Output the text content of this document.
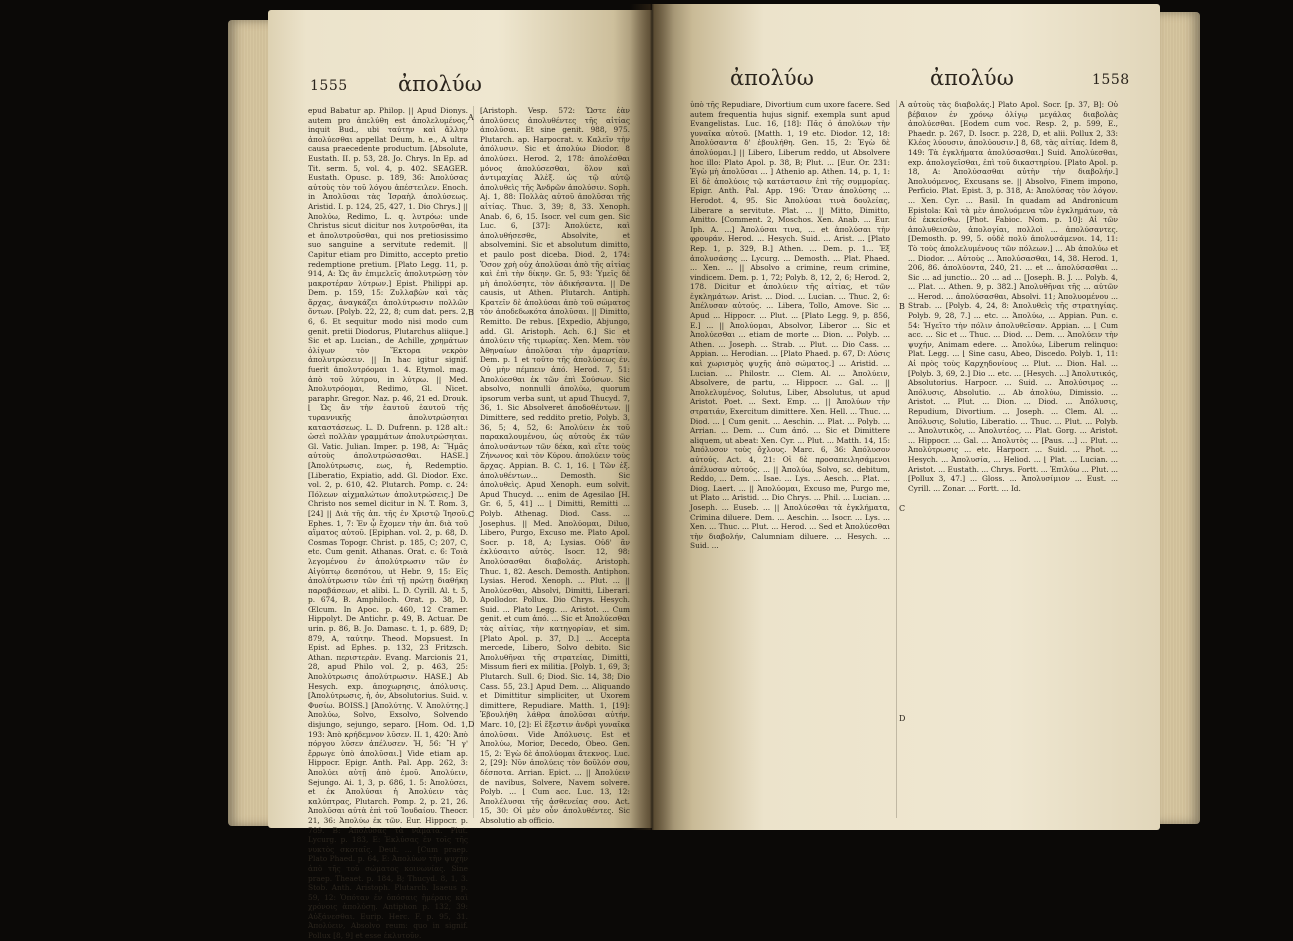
1555 ἀπολύω

epud Babatur ap. Philop. || Apud Dionys. autem pro ἀπελύθη est ἀπολελυμένος, inquit Bud., ubi ταύτην καὶ ἄλλην ἀπολύεσθαι appellat Deum, h. e., A ultra causa praecedente productum. [Absolute, Eustath. II. p. 53, 28. Jo. Chrys. In Ep. ad Tit. serm. 5, vol. 4, p. 402. SEAGER. Eustath. Opusc. p. 189, 36: Ἀπολύσας αὐτοὺς τὸν τοῦ λόγου ἀπέστειλεν. Enoch. in Ἀπολῦσαι τὰς Ἰσραὴλ ἀπολύσεως. Aristid. I. p. 124, 25, 427, 1. Dio Chrys.] || Ἀπολύω, Redimo, L. q. λυτρόω: unde Christus sicut dicitur nos λυτροῦσθαι, ita et ἀπολυτροῦσθαι, qui nos pretiosissimo suo sanguine a servitute redemit. || Capitur etiam pro Dimitto, accepto pretio redemptione pretium. [Plato Legg. 11, p. 914, A: Ὡς ἂν ἐπιμελεῖς ἀπολυτρώσῃ τὸν μακροτέραν λύτρων.] Epist. Philippi ap. Dem. p. 159, 15: Ζυλλαβὼν καὶ τὰς ἄρχας, ἀναγκάζει ἀπολύτρωσιν πολλῶν ὄντων. [Polyb. 22, 22, 8; cum dat. pers. 2, 6, 6. Et sequitur modo nisi modo cum genit. pretii Diodorus, Plutarchus aliique.] Sic et ap. Lucian., de Achille, χρημάτων ὀλίγων τὸν Ἕκτορα νεκρὸν ἀπολυτρώσειν. || In hac igitur signif. fuerit ἀπολυτρόομαι 1. 4. Etymol. mag. ἀπὸ τοῦ λύτρου, in λύτρω. || Med. Ἀπολυτρόομαι, Redimo, Gl. Nicet. paraphr. Gregor. Naz. p. 46, 21 ed. Drouk. ⌊ Ὡς ἂν τὴν ἑαυτοῦ ἑαυτοῦ τῆς τυραννικῆς ἀπολυτρώσηται καταστάσεως. L. D. Dufrenn. p. 128 alt.: ὡσεὶ πολλὰν γραμμάτων ἀπολυτρώσηται. Gl. Vatic. Julian. Imper. p. 198, A: ¨Ἠμᾶς αὐτοὺς ἀπολυτρώσασθαι. HASE.] [Ἀπολύτρωσις, εως, ἡ, Redemptio. [Liberatio, Expiatio, add. Gl. Diodor. Exc. vol. 2, p. 610, 42. Plutarch. Pomp. c. 24: Πόλεων αἰχμαλώτων ἀπολυτρώσεις.] De Christo nos semel dicitur in N. T. Rom. 3, [24] || Διὰ τῆς ἀπ. τῆς ἐν Χριστῷ Ἰησοῦ. Ephes. 1, 7: Ἐν ᾧ ἔχομεν τὴν ἀπ. διὰ τοῦ αἵματος αὐτοῦ. [Epiphan. vol. 2, p. 68, D. Cosmas Topogr. Christ. p. 185, C; 207, C, etc. Cum genit. Athanas. Orat. c. 6: Τοιὰ λεγομένου ἐν ἀπολύτρωσιν τῶν ἐν Αἰγύπτῳ δεσπότου, ut Hebr. 9, 15: Εἰς ἀπολύτρωσιν τῶν ἐπὶ τῇ πρώτῃ διαθήκῃ παραβάσεων, et alibi. L. D. Cyrill. Al. t. 5, p. 674, B. Amphiloch. Orat. p. 38, D. Œlcum. In Apoc. p. 460, 12 Cramer. Hippolyt. De Antichr. p. 49, B. Actuar. De urin. p. 86, B. Jo. Damasc. t. 1, p. 689, D; 879, A, ταύτην. Theod. Mopsuest. In Epist. ad Ephes. p. 132, 23 Fritzsch. Athan. περιστερὰν. Evang. Marcionis 21, 28, apud Philo vol. 2, p. 463, 25: Ἀπολύτρωσις ἀπολύτρωσιν. HASE.] Ab Hesych. exp. ἀποχωρησις, ἀπόλυσις. [Ἀπολύτρωσις, ἡ, ὁν, Absolutorius. Suid. v. Φυσίω. BOISS.] [Ἀπολύτης. V. Ἀπολύτης.] Ἀπολύω, Solvo, Exsolvo, Solvendo disjungo, sejungo, separo. [Hom. Od. 1, 193: Ἀπὸ κρήδεμνον λῦσεν. II. 1, 420: Ἀπὸ πόργου λῦσεν ἀπέλυσεν. Ἡ, 56: Ἢ γ' ἔρρωγε ὑπὸ ἀπολῦσαι.] Vide etiam ap. Hippocr. Epigr. Anth. Pal. App. 262, 3: Ἀπολύει αὐτῇ ἀπὸ ἐμοῦ. Ἀπολύειν, Sejungo. Ai. 1, 3, p. 686, 1. 5: Ἀπολύσει, et ἐκ Ἀπολύσαι ἡ Ἀπολύειν τὰς καλύπτρας, Plutarch. Pomp. 2, p. 21, 26. Ἀπολῦσαι αὐτὰ ἐπὶ τοῦ Ἰουδαίου. Theocr. 21, 36: Ἀπολύω ἐκ τῶν. Eur. Hippocr. p. 789. B: Ἀπολύσας τὰ νάματα. Plut. Lycurg. p. 183, E: Ἐκλύσας ἐν τοῖς τῆς νυκτὸς σκοταῖς. Deut. ... [Cum praep. Plato Phaed. p. 64, E: Ἀπολύων τὴν ψυχὴν ἀπὸ τῆς τοῦ σώματος κοινωνίας. Sine praep. Theaet. p. 184, B; Thucyd. 8, 1, 3. Stob. Anth. Aristoph. Plutarch. Isaeus p. 59, 12: Ὁπόταν ἐν ὁπόσαις ἡμέραις καὶ χρόνοις ἀπολύσῃ. Antiphon p. 132, 39: Αὐξάνεσθαι. Eurip. Herc. F. p. 95, 31. Ἀπολύειν, Absolvo reum: quo in signif. Pollux [8, 9] et esse ἐκλυτοῦν.

A
B
C
D

[Aristoph. Vesp. 572: Ὥστε ἐὰν ἀπολύσεις ἀπολυθέντες τῆς αἰτίας ἀπολῦσαι. Et sine genit. 988, 975. Plutarch. ap. Harpocrat. v. Καλεῖν τὴν ἀπόλυσιν. Sic et ἀπολύω Diodor. 8 ἀπολύσει. Herod. 2, 178: ἀπολέσθαι μόνος ἀπολύσεσθαι, ὅλον καὶ ἀντιμαχίας Ἀλὲξ. ὡς τῷ αὐτῷ ἀπολυθεὶς τῆς Ἀνδρῶν ἀπολύσιν. Soph. Aj. 1, 88: Πολλὰς αὐτοῦ ἀπολῦσαι τῆς αἰτίας. Thuc. 3, 39; 8, 33. Xenoph. Anab. 6, 6, 15. Isocr. vel cum gen. Sic Luc. 6, [37]: Ἀπολύετε, καὶ ἀπολυθήσεσθε, Absolvite, et absolvemini. Sic et absolutum dimitto, et paulo post diceba. Diod. 2, 174: Ὅσον χρὴ οὐχ ἀπολῦσαι ἀπὸ τῆς αἰτίας καὶ ἐπὶ τὴν δίκην. Gr. 5, 93: Ὑμεῖς δὲ μὴ ἀπολύσητε, τὸν ἀδικήσαντα. || De causis, ut Athen. Plutarch. Antiph. Κρατεῖν δὲ ἀπολύσαι ἀπὸ τοῦ σώματος τὸν ἀποδεδωκότα ἀπολῦσαι. || Dimitto, Remitto. De rebus. [Expedio, Abjungo, add. Gl. Aristoph. Ach. 6.] Sic et ἀπολύειν τῆς τιμωρίας. Xen. Mem. τὸν Ἀθηναίων ἀπολῦσαι τὴν ἁμαρτίαν. Dem. p. 1 et τοῦτο τῆς ἀπολύσεως ἐν. Οὐ μὴν πέμπειν ἀπό. Herod. 7, 51: Ἀπολύεσθαι ἐκ τῶν ἐπὶ Σούσων. Sic absolvo, nonnulli ἀπολύω, quorum ipsorum verba sunt, ut apud Thucyd. 7, 36, 1. Sic Absolveret ἀποδοθέντων. || Dimittere, sed reddito pretio, Polyb. 3, 36, 5; 4, 52, 6: Ἀπολύειν ἐκ τοῦ παρακαλουμένου, ὡς αὐτοὺς ἐκ τῶν ἀπολυσάντων τῶν δέκα, καὶ εἴτε τοὺς Ζήνωνος καὶ τὸν Κύρου. ἀπολύειν τοὺς ἄρχας. Appian. B. C. 1, 16. ⌊ Τῶν ἐξ. ἀπολυθέντων... Demosth. Sic ἀπολυθεὶς. Apud Xenoph. eum solvit. Apud Thucyd. ... enim de Agesilao [H. Gr. 6, 5, 41] ... ⌊ Dimitti, Remitti ... Polyb. Athenag. Diod. Cass. ... Josephus. || Med. Ἀπολύομαι, Diluo, Libero, Purgo, Excuso me. Plato Apol. Socr. p. 18, A; Lysias. Οὐδ' ἂν ἐκλύσαιτο αὐτὸς. Isocr. 12, 98: Ἀπολύσασθαι διαβολάς. Aristoph. Thuc. 1, 82. Aesch. Demosth. Antiphon. Lysias. Herod. Xenoph. ... Plut. ... || Ἀπολύεσθαι, Absolvi, Dimitti, Liberari. Apollodor. Pollux. Dio Chrys. Hesych. Suid. ... Plato Legg. ... Aristot. ... Cum genit. et cum ἀπό. ... Sic et Ἀπολύεσθαι τὰς αἰτίας, τὴν κατηγορίαν, et sim. [Plato Apol. p. 37, D.] ... Accepta mercede, Libero, Solvo debito. Sic Ἀπολυθῆναι τῆς στρατείας, Dimitti, Missum fieri ex militia. [Polyb. 1, 69, 3; Plutarch. Sull. 6; Diod. Sic. 14, 38; Dio Cass. 55, 23.] Apud Dem. ... Aliquando et Dimittitur simpliciter, ut Uxorem dimittere, Repudiare. Matth. 1, [19]: Ἐβουλήθη λάθρα ἀπολῦσαι αὐτήν. Marc. 10, [2]: Εἰ ἔξεστιν ἀνδρὶ γυναῖκα ἀπολῦσαι. Vide Ἀπόλυσις. Est et Ἀπολύω, Morior, Decedo, Obeo. Gen. 15, 2: Ἐγὼ δὲ ἀπολύομαι ἄτεκνος. Luc. 2, [29]: Νῦν ἀπολύεις τὸν δοῦλόν σου, δέσποτα. Arrian. Epict. ... || Ἀπολύειν de navibus, Solvere, Navem solvere. Polyb. ... ⌊ Cum acc. Luc. 13, 12: Ἀπολέλυσαι τῆς ἀσθενείας σου. Act. 15, 30: Οἱ μὲν οὖν ἀπολυθέντες. Sic Absolutio ab officio.

ἀπολύω	ἀπολύω	1558

ὑπὸ τῆς Repudiare, Divortium cum uxore facere. Sed autem frequentia hujus signif. exempla sunt apud Evangelistas. Luc. 16, [18]: Πᾶς ὁ ἀπολύων τὴν γυναῖκα αὐτοῦ. [Matth. 1, 19 etc. Diodor. 12, 18: Ἀπολύσαντα δ' ἐβουλήθη. Gen. 15, 2: Ἐγὼ δὲ ἀπολύομαι.] || Libero, Liberum reddo, ut Absolvere hoc illo: Plato Apol. p. 38, B; Plut. ... [Eur. Or. 231: Ἐγὼ μὴ ἀπολῦσαι ... ] Athenio ap. Athen. 14, p. 1, 1: Εἰ δὲ ἀπολύοις τῷ κατάστασιν ἐπὶ τῆς συμμορίας. Epigr. Anth. Pal. App. 196: Ὅταν ἀπολύσης ... Herodot. 4, 95. Sic Ἀπολύσαι τινὰ δουλείας, Liberare a servitute. Plat. ... || Mitto, Dimitto, Amitto. [Comment. 2, Moschos. Xen. Anab. ... Eur. Iph. A. ...] Ἀπολύσαι τινα, ... et ἀπολύσαι τὴν φρουράν. Herod. ... Hesych. Suid. ... Arist. ... [Plato Rep. 1, p. 329, B.] Athen. ... Dem. p. 1... Ἐξ ἀπολυσάσης ... Lycurg. ... Demosth. ... Plat. Phaed. ... Xen. ... || Absolvo a crimine, reum crimine, vindicem. Dem. p. 1, 72; Polyb. 8, 12, 2, 6; Herod. 2, 178. Dicitur et ἀπολύειν τῆς αἰτίας, et τῶν ἐγκλημάτων. Arist. ... Diod. ... Lucian. ... Thuc. 2, 6: Ἀπέλυσαν αὐτούς. ... Libera, Tollo, Amove. Sic ... Apud ... Hippocr. ... Plut. ... [Plato Legg. 9, p. 856, E.] ... || Ἀπολύομαι, Absolvor, Liberor ... Sic et Ἀπολύεσθαι ... etiam de morte ... Dion. ... Polyb. ... Athen. ... Joseph. ... Strab. ... Plut. ... Dio Cass. ... Appian. ... Herodian. ... [Plato Phaed. p. 67, D: Λύσις καὶ χωρισμὸς ψυχῆς ἀπὸ σώματος.] ... Aristid. ... Lucian. ... Philostr. ... Clem. Al. ... Ἀπολύειν, Absolvere, de partu, ... Hippocr. ... Gal. ... || Ἀπολελυμένος, Solutus, Liber, Absolutus, ut apud Aristot. Poet. ... Sext. Emp. ... || Ἀπολύων τὴν στρατιάν, Exercitum dimittere. Xen. Hell. ... Thuc. ... Diod. ... ⌊ Cum genit. ... Aeschin. ... Plat. ... Polyb. ... Arrian. ... Dem. ... Cum ἀπό. ... Sic et Dimittere aliquem, ut abeat: Xen. Cyr. ... Plut. ... Matth. 14, 15: Ἀπόλυσον τοὺς ὄχλους. Marc. 6, 36: Ἀπόλυσον αὐτούς. Act. 4, 21: Οἱ δὲ προσαπειλησάμενοι ἀπέλυσαν αὐτούς. ... || Ἀπολύω, Solvo, sc. debitum, Reddo, ... Dem. ... Isae. ... Lys. ... Aesch. ... Plat. ... Diog. Laert. ... || Ἀπολύομαι, Excuso me, Purgo me, ut Plato ... Aristid. ... Dio Chrys. ... Phil. ... Lucian. ... Joseph. ... Euseb. ... || Ἀπολύεσθαι τὰ ἐγκλήματα, Crimina diluere. Dem. ... Aeschin. ... Isocr. ... Lys. ... Xen. ... Thuc. ... Plut. ... Herod. ... Sed et Ἀπολύεσθαι τὴν διαβολήν, Calumniam diluere. ... Hesych. ... Suid. ...

A
B
C
D

αὐτοὺς τὰς διαβολάς.] Plato Apol. Socr. [p. 37, B]: Οὐ βέβαιον ἐν χρόνῳ ὀλίγῳ μεγάλας διαβολὰς ἀπολύεσθαι. [Eodem cum voc. Resp. 2, p. 599, E., Phaedr. p. 267, D. Isocr. p. 228, D, et alii. Pollux 2, 33: Κλέος λύουσιν, ἀπολύουσιν.] 8, 68, τὰς αἰτίας. Idem 8, 149: Τὰ ἐγκλήματα ἀπολύσασθαι.] Suid. Ἀπολύεσθαι, exp. ἀπολογεῖσθαι, ἐπὶ τοῦ δικαστηρίου. [Plato Apol. p. 18, A: Ἀπολύσασθαι αὐτὴν τὴν διαβολήν.] Ἀπολυόμενος, Excusans se. || Absolvo, Finem impono, Perficio. Plat. Epist. 3, p. 318, A: Ἀπολύσας τὸν λόγον. ... Xen. Cyr. ... Basil. In quadam ad Andronicum Epistola: Καὶ τὰ μὲν ἀπολυόμενα τῶν ἐγκλημάτων, τὰ δὲ ἐκκείσθω. [Phot. Fabioc. Nom. p. 10]: Αἱ τῶν ἀπολυθεισῶν, ἀπολογίαι, πολλοὶ ... ἀπολύσαντες. [Demosth. p. 99, 5. οὐδὲ πολὺ ἀπολυσάμενοι. 14, 11: Τὸ τοὺς ἀπολελυμένους τῶν πόλεων.] ... Ab ἀπολύω et ... Diodor. ... Αὐτοὺς ... Ἀπολύσασθαι, 14, 38. Herod. 1, 206, 86. ἀπολύοντα, 240, 21. ... et ... ἀπολύσασθαι ... Sic ... ad junctio... 20 ... ad ... [Joseph. B. J. ... Polyb. 4, ... Plat. ... Athen. 9, p. 382.] Ἀπολυθῆναι τῆς ... αὐτῶν ... Herod. ... ἀπολύσασθαι, Absolvi. 11; Ἀπολυομένου ... Strab. ... [Polyb. 4, 24, 8: Ἀπολυθεὶς τῆς στρατηγίας. Polyb. 9, 28, 7.] ... etc. ... Ἀπολύω, ... Appian. Pun. c. 54: Ἡγεῖτο τὴν πόλιν ἀπολυθεῖσαν. Appian. ... ⌊ Cum acc. ... Sic et ... Thuc. ... Diod. ... Dem. ... Ἀπολύειν τὴν ψυχήν, Animam edere. ... Ἀπολύω, Liberum relinquo: Plat. Legg. ... ⌊ Sine casu, Abeo, Discedo. Polyb. 1, 11: Αἱ πρὸς τοὺς Καρχηδονίους ... Plut. ... Dion. Hal. ... [Polyb. 3, 69, 2.] Dio ... etc. ... [Hesych. ...] Ἀπολυτικός, Absolutorius. Harpocr. ... Suid. ... Ἀπολύσιμος ... Ἀπόλυσις, Absolutio. ... Ab ἀπολύω, Dimissio. ... Aristot. ... Plut. ... Dion. ... Diod. ... Ἀπόλυσις, Repudium, Divortium. ... Joseph. ... Clem. Al. ... Ἀπόλυσις, Solutio, Liberatio. ... Thuc. ... Plut. ... Polyb. ... Ἀπολυτικὸς, ... Ἀπολυτέος, ... Plat. Gorg. ... Aristot. ... Hippocr. ... Gal. ... Ἀπολυτὸς ... [Paus. ...] ... Plut. ... Ἀπολύτρωσις ... etc. Harpocr. ... Suid. ... Phot. ... Hesych. ... Ἀπολυσία, ... Heliod. ... ⌊ Plat. ... Lucian. ... Aristot. ... Eustath. ... Chrys. Fortt. ... Ἐπιλύω ... Plut. ... [Pollux 3, 47.] ... Gloss. ... Ἀπολυσίμιον ... Eust. ... Cyrill. ... Zonar. ... Fortt. ... Id.
